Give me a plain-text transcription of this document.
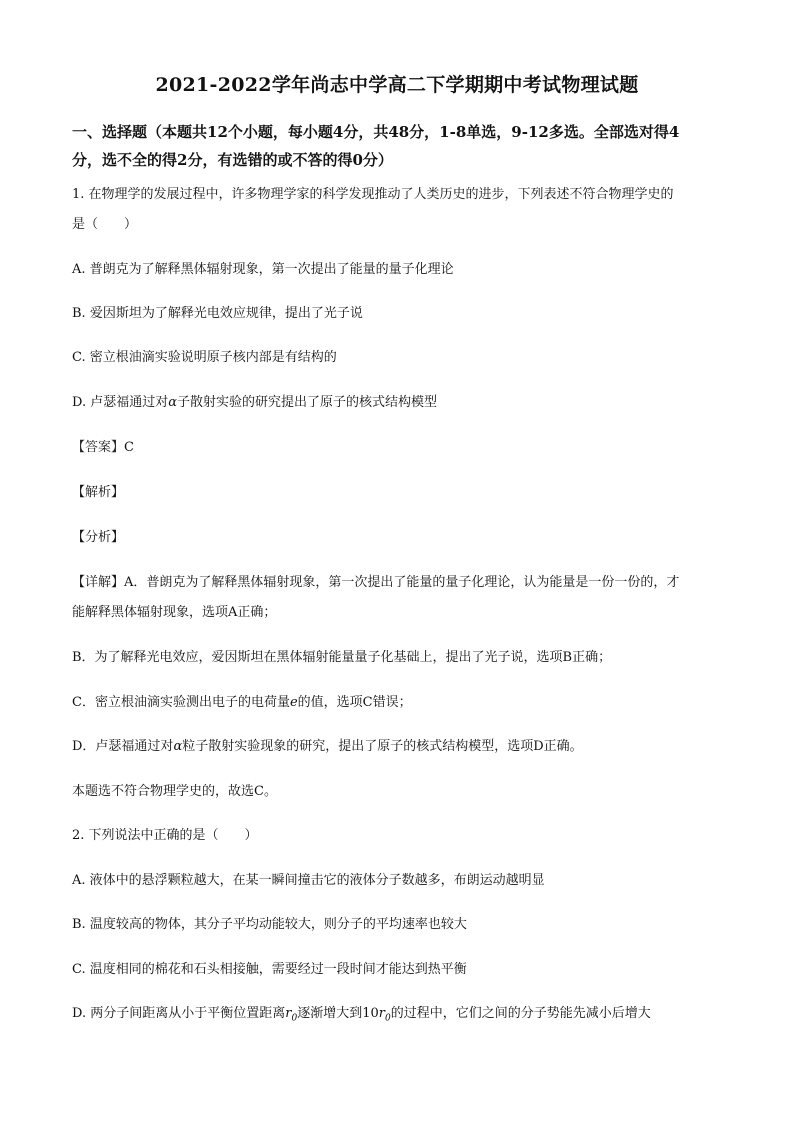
2021-2022学年尚志中学高二下学期期中考试物理试题
一、选择题（本题共12个小题，每小题4分，共48分，1-8单选，9-12多选。全部选对得4
分，选不全的得2分，有选错的或不答的得0分）
1. 在物理学的发展过程中，许多物理学家的科学发现推动了人类历史的进步，下列表述不符合物理学史的
是（　　）
A. 普朗克为了解释黑体辐射现象，第一次提出了能量的量子化理论
B. 爱因斯坦为了解释光电效应规律，提出了光子说
C. 密立根油滴实验说明原子核内部是有结构的
D. 卢瑟福通过对α子散射实验的研究提出了原子的核式结构模型
【答案】C
【解析】
【分析】
【详解】A．普朗克为了解释黑体辐射现象，第一次提出了能量的量子化理论，认为能量是一份一份的，才
能解释黑体辐射现象，选项A正确；
B．为了解释光电效应，爱因斯坦在黑体辐射能量量子化基础上，提出了光子说，选项B正确；
C．密立根油滴实验测出电子的电荷量e的值，选项C错误；
D．卢瑟福通过对α粒子散射实验现象的研究，提出了原子的核式结构模型，选项D正确。
本题选不符合物理学史的，故选C。
2. 下列说法中正确的是（　　）
A. 液体中的悬浮颗粒越大，在某一瞬间撞击它的液体分子数越多，布朗运动越明显
B. 温度较高的物体，其分子平均动能较大，则分子的平均速率也较大
C. 温度相同的棉花和石头相接触，需要经过一段时间才能达到热平衡
D. 两分子间距离从小于平衡位置距离$r_0$逐渐增大到$10r_0$的过程中，它们之间的分子势能先减小后增大
